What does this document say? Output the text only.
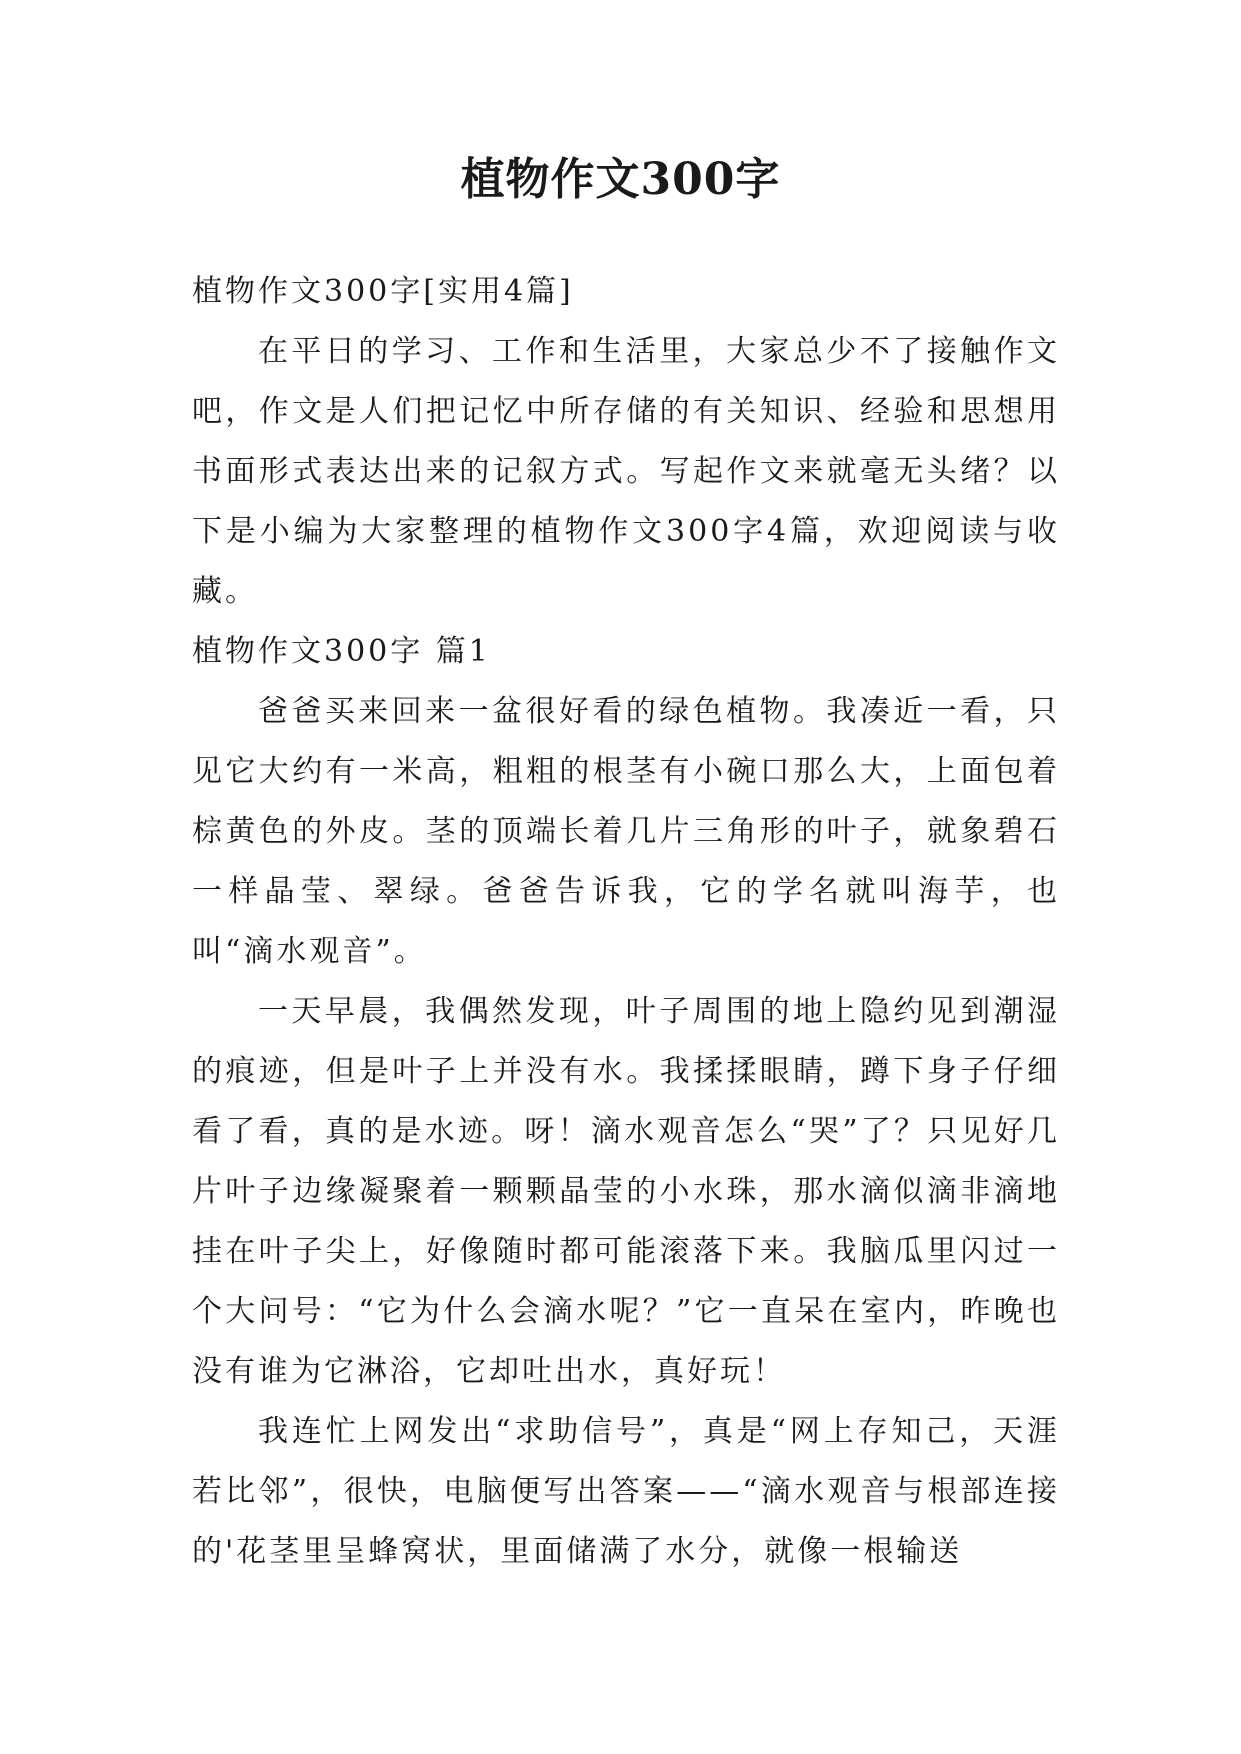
植物作文300字

植物作文300字[实用4篇]

在平日的学习、工作和生活里，大家总少不了接触作文吧，作文是人们把记忆中所存储的有关知识、经验和思想用书面形式表达出来的记叙方式。写起作文来就毫无头绪？以下是小编为大家整理的植物作文300字4篇，欢迎阅读与收藏。

植物作文300字 篇1

爸爸买来回来一盆很好看的绿色植物。我凑近一看，只见它大约有一米高，粗粗的根茎有小碗口那么大，上面包着棕黄色的外皮。茎的顶端长着几片三角形的叶子，就象碧石一样晶莹、翠绿。爸爸告诉我，它的学名就叫海芋，也叫“滴水观音”。

一天早晨，我偶然发现，叶子周围的地上隐约见到潮湿的痕迹，但是叶子上并没有水。我揉揉眼睛，蹲下身子仔细看了看，真的是水迹。呀！滴水观音怎么“哭”了？只见好几片叶子边缘凝聚着一颗颗晶莹的小水珠，那水滴似滴非滴地挂在叶子尖上，好像随时都可能滚落下来。我脑瓜里闪过一个大问号：“它为什么会滴水呢？”它一直呆在室内，昨晚也没有谁为它淋浴，它却吐出水，真好玩！

我连忙上网发出“求助信号”，真是“网上存知己，天涯若比邻”，很快，电脑便写出答案——“滴水观音与根部连接的'花茎里呈蜂窝状，里面储满了水分，就像一根输送
